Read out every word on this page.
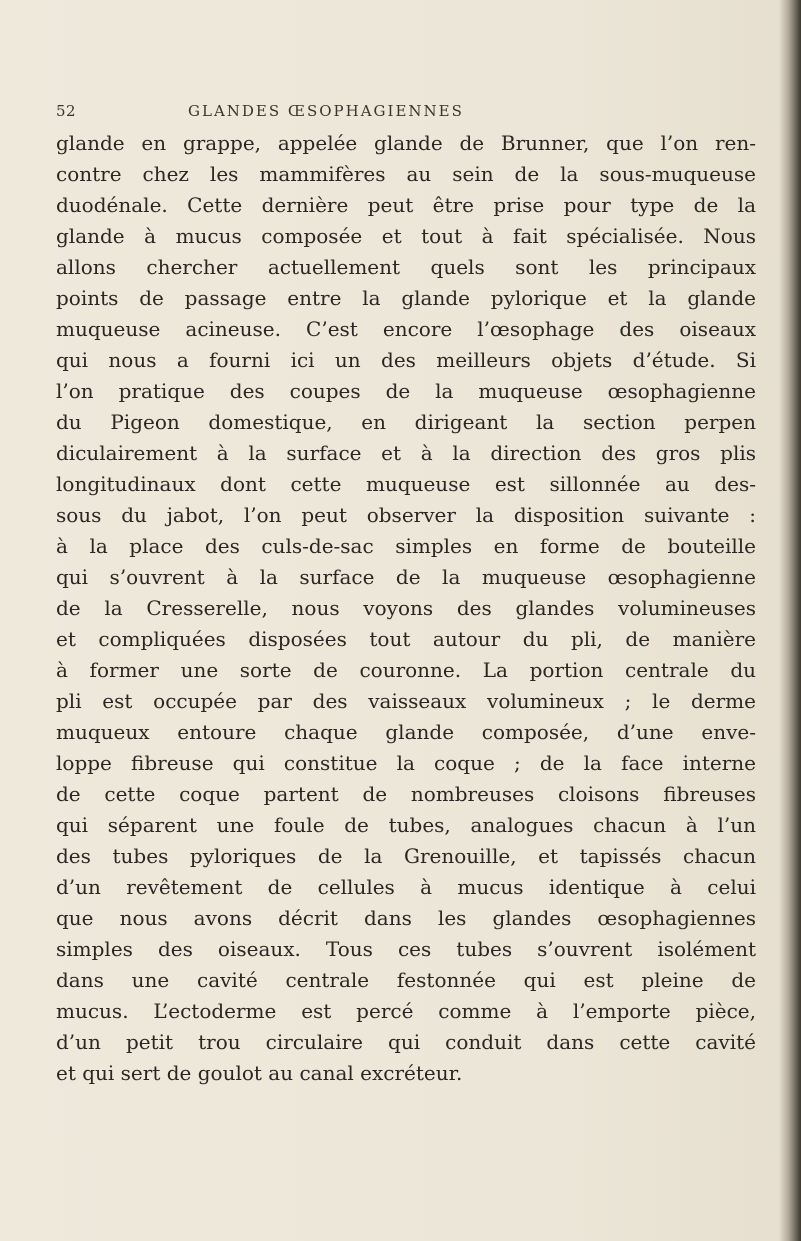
52	GLANDES ŒSOPHAGIENNES
glande en grappe, appelée glande de Brunner, que l’on ren-
contre chez les mammifères au sein de la sous-muqueuse
duodénale. Cette dernière peut être prise pour type de la
glande à mucus composée et tout à fait spécialisée. Nous
allons chercher actuellement quels sont les principaux
points de passage entre la glande pylorique et la glande
muqueuse acineuse. C’est encore l’œsophage des oiseaux
qui nous a fourni ici un des meilleurs objets d’étude. Si
l’on pratique des coupes de la muqueuse œsophagienne
du Pigeon domestique, en dirigeant la section perpen
diculairement à la surface et à la direction des gros plis
longitudinaux dont cette muqueuse est sillonnée au des-
sous du jabot, l’on peut observer la disposition suivante :
à la place des culs-de-sac simples en forme de bouteille
qui s’ouvrent à la surface de la muqueuse œsophagienne
de la Cresserelle, nous voyons des glandes volumineuses
et compliquées disposées tout autour du pli, de manière
à former une sorte de couronne. La portion centrale du
pli est occupée par des vaisseaux volumineux ; le derme
muqueux entoure chaque glande composée, d’une enve-
loppe fibreuse qui constitue la coque ; de la face interne
de cette coque partent de nombreuses cloisons fibreuses
qui séparent une foule de tubes, analogues chacun à l’un
des tubes pyloriques de la Grenouille, et tapissés chacun
d’un revêtement de cellules à mucus identique à celui
que nous avons décrit dans les glandes œsophagiennes
simples des oiseaux. Tous ces tubes s’ouvrent isolément
dans une cavité centrale festonnée qui est pleine de
mucus. L’ectoderme est percé comme à l’emporte pièce,
d’un petit trou circulaire qui conduit dans cette cavité
et qui sert de goulot au canal excréteur.
